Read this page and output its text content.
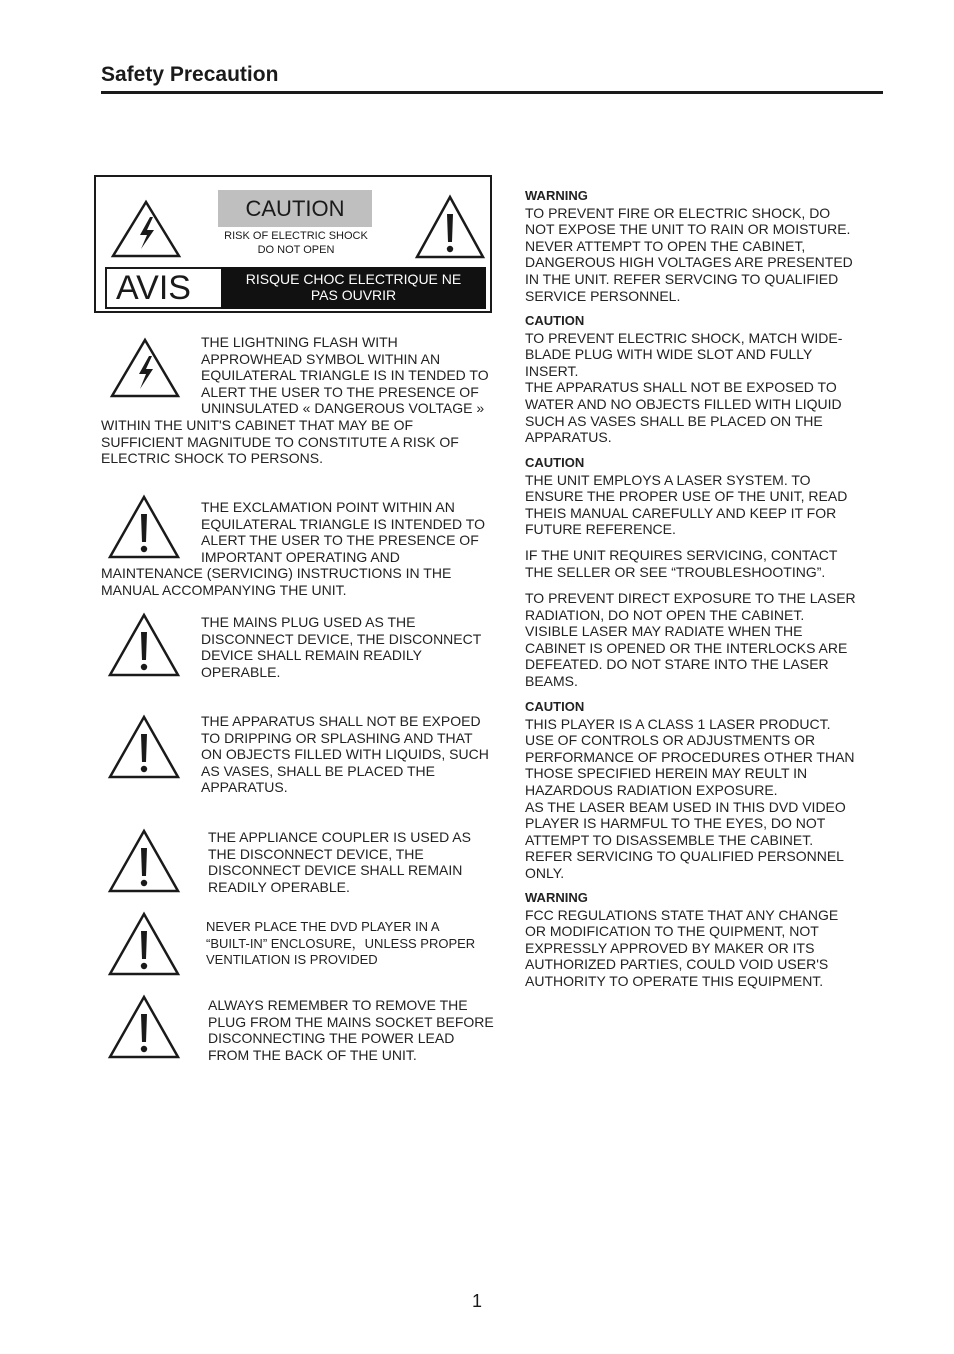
Safety Precaution
CAUTION
RISK OF ELECTRIC SHOCK
DO NOT OPEN
AVIS	RISQUE CHOC ELECTRIQUE NE
PAS OUVRIR
THE LIGHTNING FLASH WITH
APPROWHEAD SYMBOL WITHIN AN
EQUILATERAL TRIANGLE IS IN TENDED TO
ALERT THE USER TO THE PRESENCE OF
UNINSULATED « DANGEROUS VOLTAGE »
WITHIN THE UNIT'S CABINET THAT MAY BE OF
SUFFICIENT MAGNITUDE TO CONSTITUTE A RISK OF
ELECTRIC SHOCK TO PERSONS.
THE EXCLAMATION POINT WITHIN AN
EQUILATERAL TRIANGLE IS INTENDED TO
ALERT THE USER TO THE PRESENCE OF
IMPORTANT OPERATING AND
MAINTENANCE (SERVICING) INSTRUCTIONS IN THE
MANUAL ACCOMPANYING THE UNIT.
THE MAINS PLUG USED AS THE
DISCONNECT DEVICE, THE DISCONNECT
DEVICE SHALL REMAIN READILY
OPERABLE.
THE APPARATUS SHALL NOT BE EXPOED
TO DRIPPING OR SPLASHING AND THAT
ON OBJECTS FILLED WITH LIQUIDS, SUCH
AS VASES, SHALL BE PLACED THE
APPARATUS.
THE APPLIANCE COUPLER IS USED AS
THE DISCONNECT DEVICE, THE
DISCONNECT DEVICE SHALL REMAIN
READILY OPERABLE.
NEVER PLACE THE DVD PLAYER IN A
“BUILT-IN” ENCLOSURE，UNLESS PROPER
VENTILATION IS PROVIDED
ALWAYS REMEMBER TO REMOVE THE
PLUG FROM THE MAINS SOCKET BEFORE
DISCONNECTING THE POWER LEAD
FROM THE BACK OF THE UNIT.
WARNING
TO PREVENT FIRE OR ELECTRIC SHOCK, DO
NOT EXPOSE THE UNIT TO RAIN OR MOISTURE.
NEVER ATTEMPT TO OPEN THE CABINET,
DANGEROUS HIGH VOLTAGES ARE PRESENTED
IN THE UNIT. REFER SERVCING TO QUALIFIED
SERVICE PERSONNEL.
CAUTION
TO PREVENT ELECTRIC SHOCK, MATCH WIDE-
BLADE PLUG WITH WIDE SLOT AND FULLY
INSERT.
THE APPARATUS SHALL NOT BE EXPOSED TO
WATER AND NO OBJECTS FILLED WITH LIQUID
SUCH AS VASES SHALL BE PLACED ON THE
APPARATUS.
CAUTION
THE UNIT EMPLOYS A LASER SYSTEM. TO
ENSURE THE PROPER USE OF THE UNIT, READ
THEIS MANUAL CAREFULLY AND KEEP IT FOR
FUTURE REFERENCE.
IF THE UNIT REQUIRES SERVICING, CONTACT
THE SELLER OR SEE “TROUBLESHOOTING”.
TO PREVENT DIRECT EXPOSURE TO THE LASER
RADIATION, DO NOT OPEN THE CABINET.
VISIBLE LASER MAY RADIATE WHEN THE
CABINET IS OPENED OR THE INTERLOCKS ARE
DEFEATED. DO NOT STARE INTO THE LASER
BEAMS.
CAUTION
THIS PLAYER IS A CLASS 1 LASER PRODUCT.
USE OF CONTROLS OR ADJUSTMENTS OR
PERFORMANCE OF PROCEDURES OTHER THAN
THOSE SPECIFIED HEREIN MAY REULT IN
HAZARDOUS RADIATION EXPOSURE.
AS THE LASER BEAM USED IN THIS DVD VIDEO
PLAYER IS HARMFUL TO THE EYES, DO NOT
ATTEMPT TO DISASSEMBLE THE CABINET.
REFER SERVICING TO QUALIFIED PERSONNEL
ONLY.
WARNING
FCC REGULATIONS STATE THAT ANY CHANGE
OR MODIFICATION TO THE QUIPMENT, NOT
EXPRESSLY APPROVED BY MAKER OR ITS
AUTHORIZED PARTIES, COULD VOID USER'S
AUTHORITY TO OPERATE THIS EQUIPMENT.
1
